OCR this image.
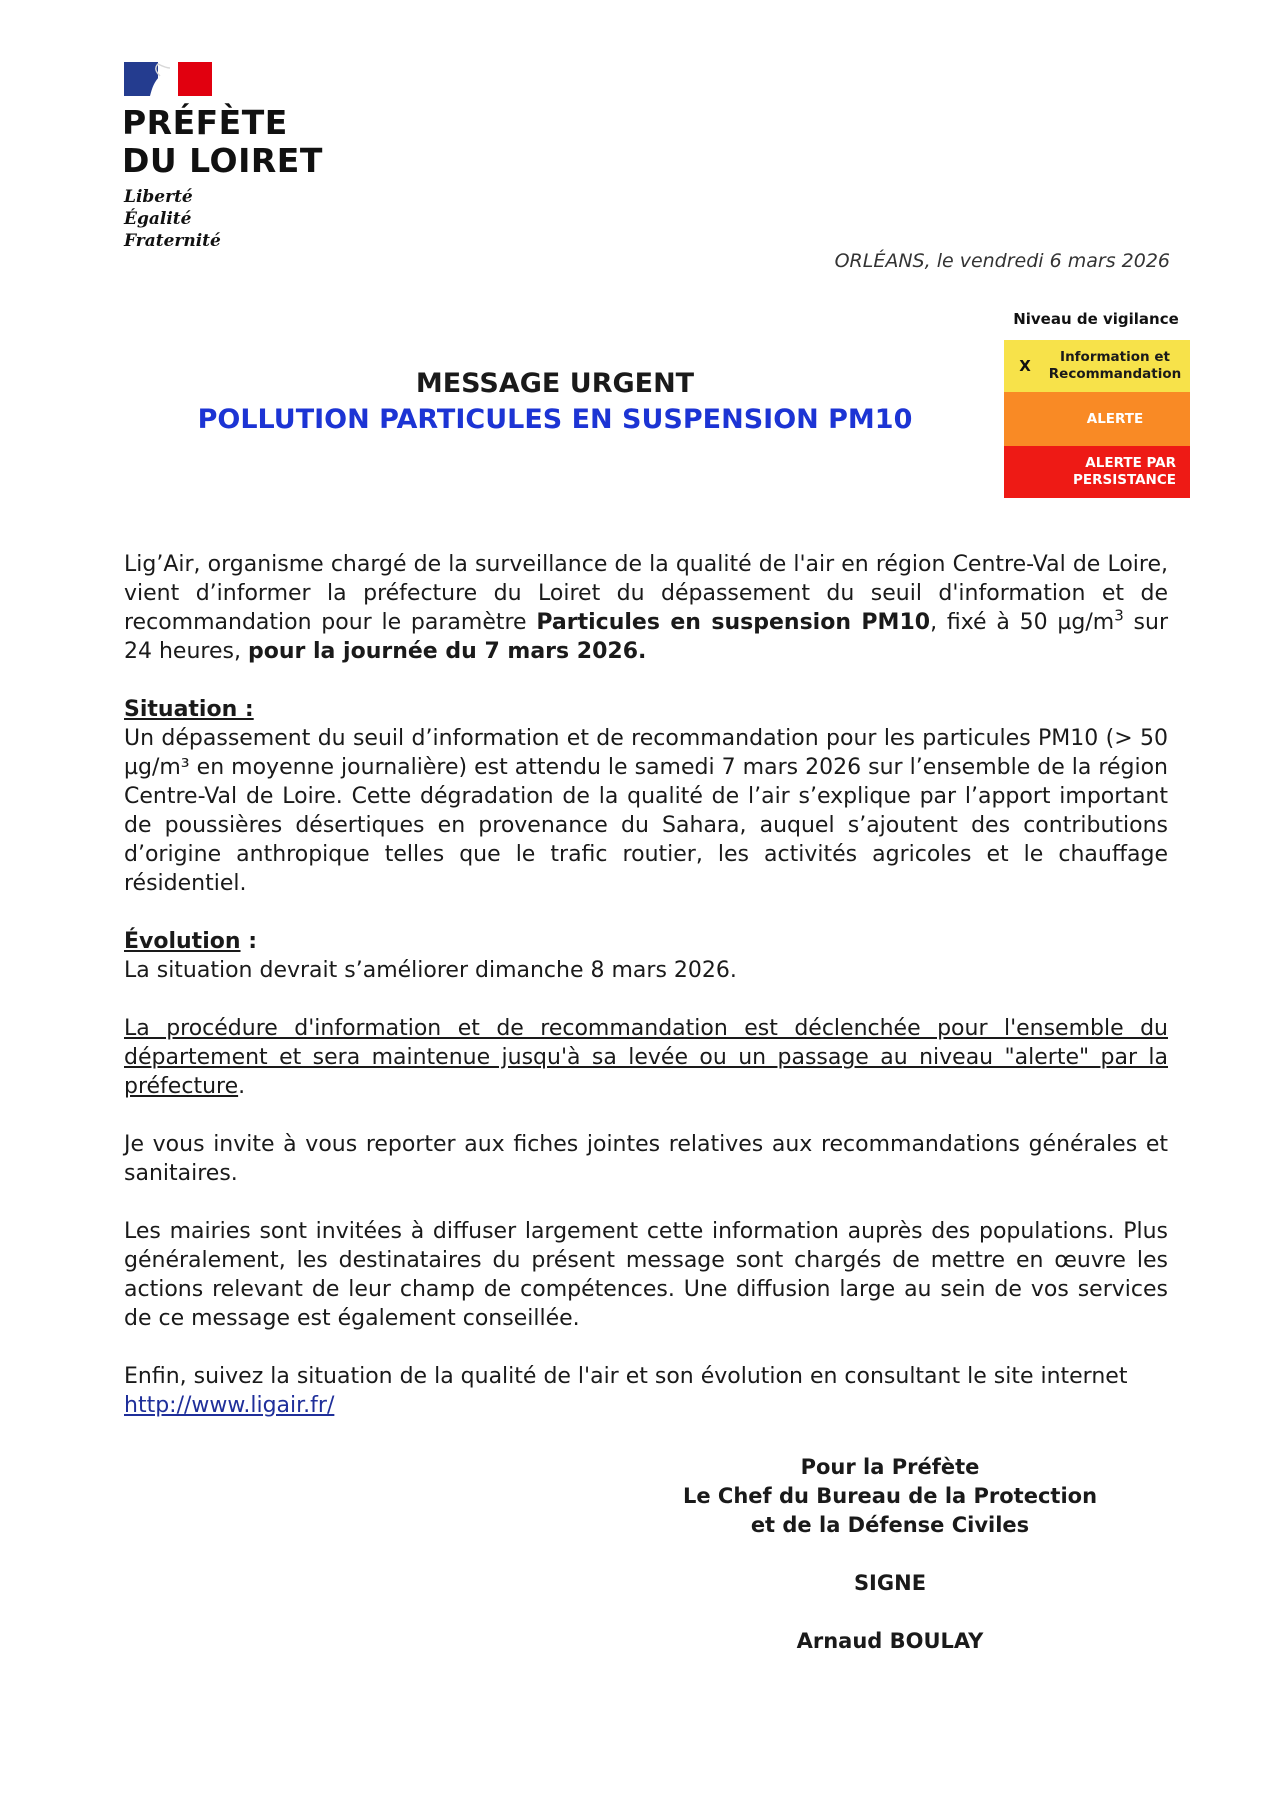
PRÉFÈTE
DU LOIRET
Liberté
Égalité
Fraternité
ORLÉANS, le vendredi 6 mars 2026
Niveau de vigilance
X	Information et
Recommandation
ALERTE
ALERTE PAR
PERSISTANCE
MESSAGE URGENT
POLLUTION PARTICULES EN SUSPENSION PM10

Lig’Air, organisme chargé de la surveillance de la qualité de l'air en région Centre-Val de Loire, vient d’informer la préfecture du Loiret du dépassement du seuil d'information et de recommandation pour le paramètre Particules en suspension PM10, fixé à 50 $\mu g/m^3$ sur 24 heures, pour la journée du 7 mars 2026.

Situation :

Un dépassement du seuil d’information et de recommandation pour les particules PM10 (> 50 µg/m³ en moyenne journalière) est attendu le samedi 7 mars 2026 sur l’ensemble de la région Centre-Val de Loire. Cette dégradation de la qualité de l’air s’explique par l’apport important de poussières désertiques en provenance du Sahara, auquel s’ajoutent des contributions d’origine anthropique telles que le trafic routier, les activités agricoles et le chauffage résidentiel.

Évolution :

La situation devrait s’améliorer dimanche 8 mars 2026.

La procédure d'information et de recommandation est déclenchée pour l'ensemble du département et sera maintenue jusqu'à sa levée ou un passage au niveau "alerte" par la préfecture.

Je vous invite à vous reporter aux fiches jointes relatives aux recommandations générales et sanitaires.

Les mairies sont invitées à diffuser largement cette information auprès des populations. Plus généralement, les destinataires du présent message sont chargés de mettre en œuvre les actions relevant de leur champ de compétences. Une diffusion large au sein de vos services de ce message est également conseillée.

Enfin, suivez la situation de la qualité de l'air et son évolution en consultant le site internet
http://www.ligair.fr/

Pour la Préfète
Le Chef du Bureau de la Protection
et de la Défense Civiles
SIGNE
Arnaud BOULAY
